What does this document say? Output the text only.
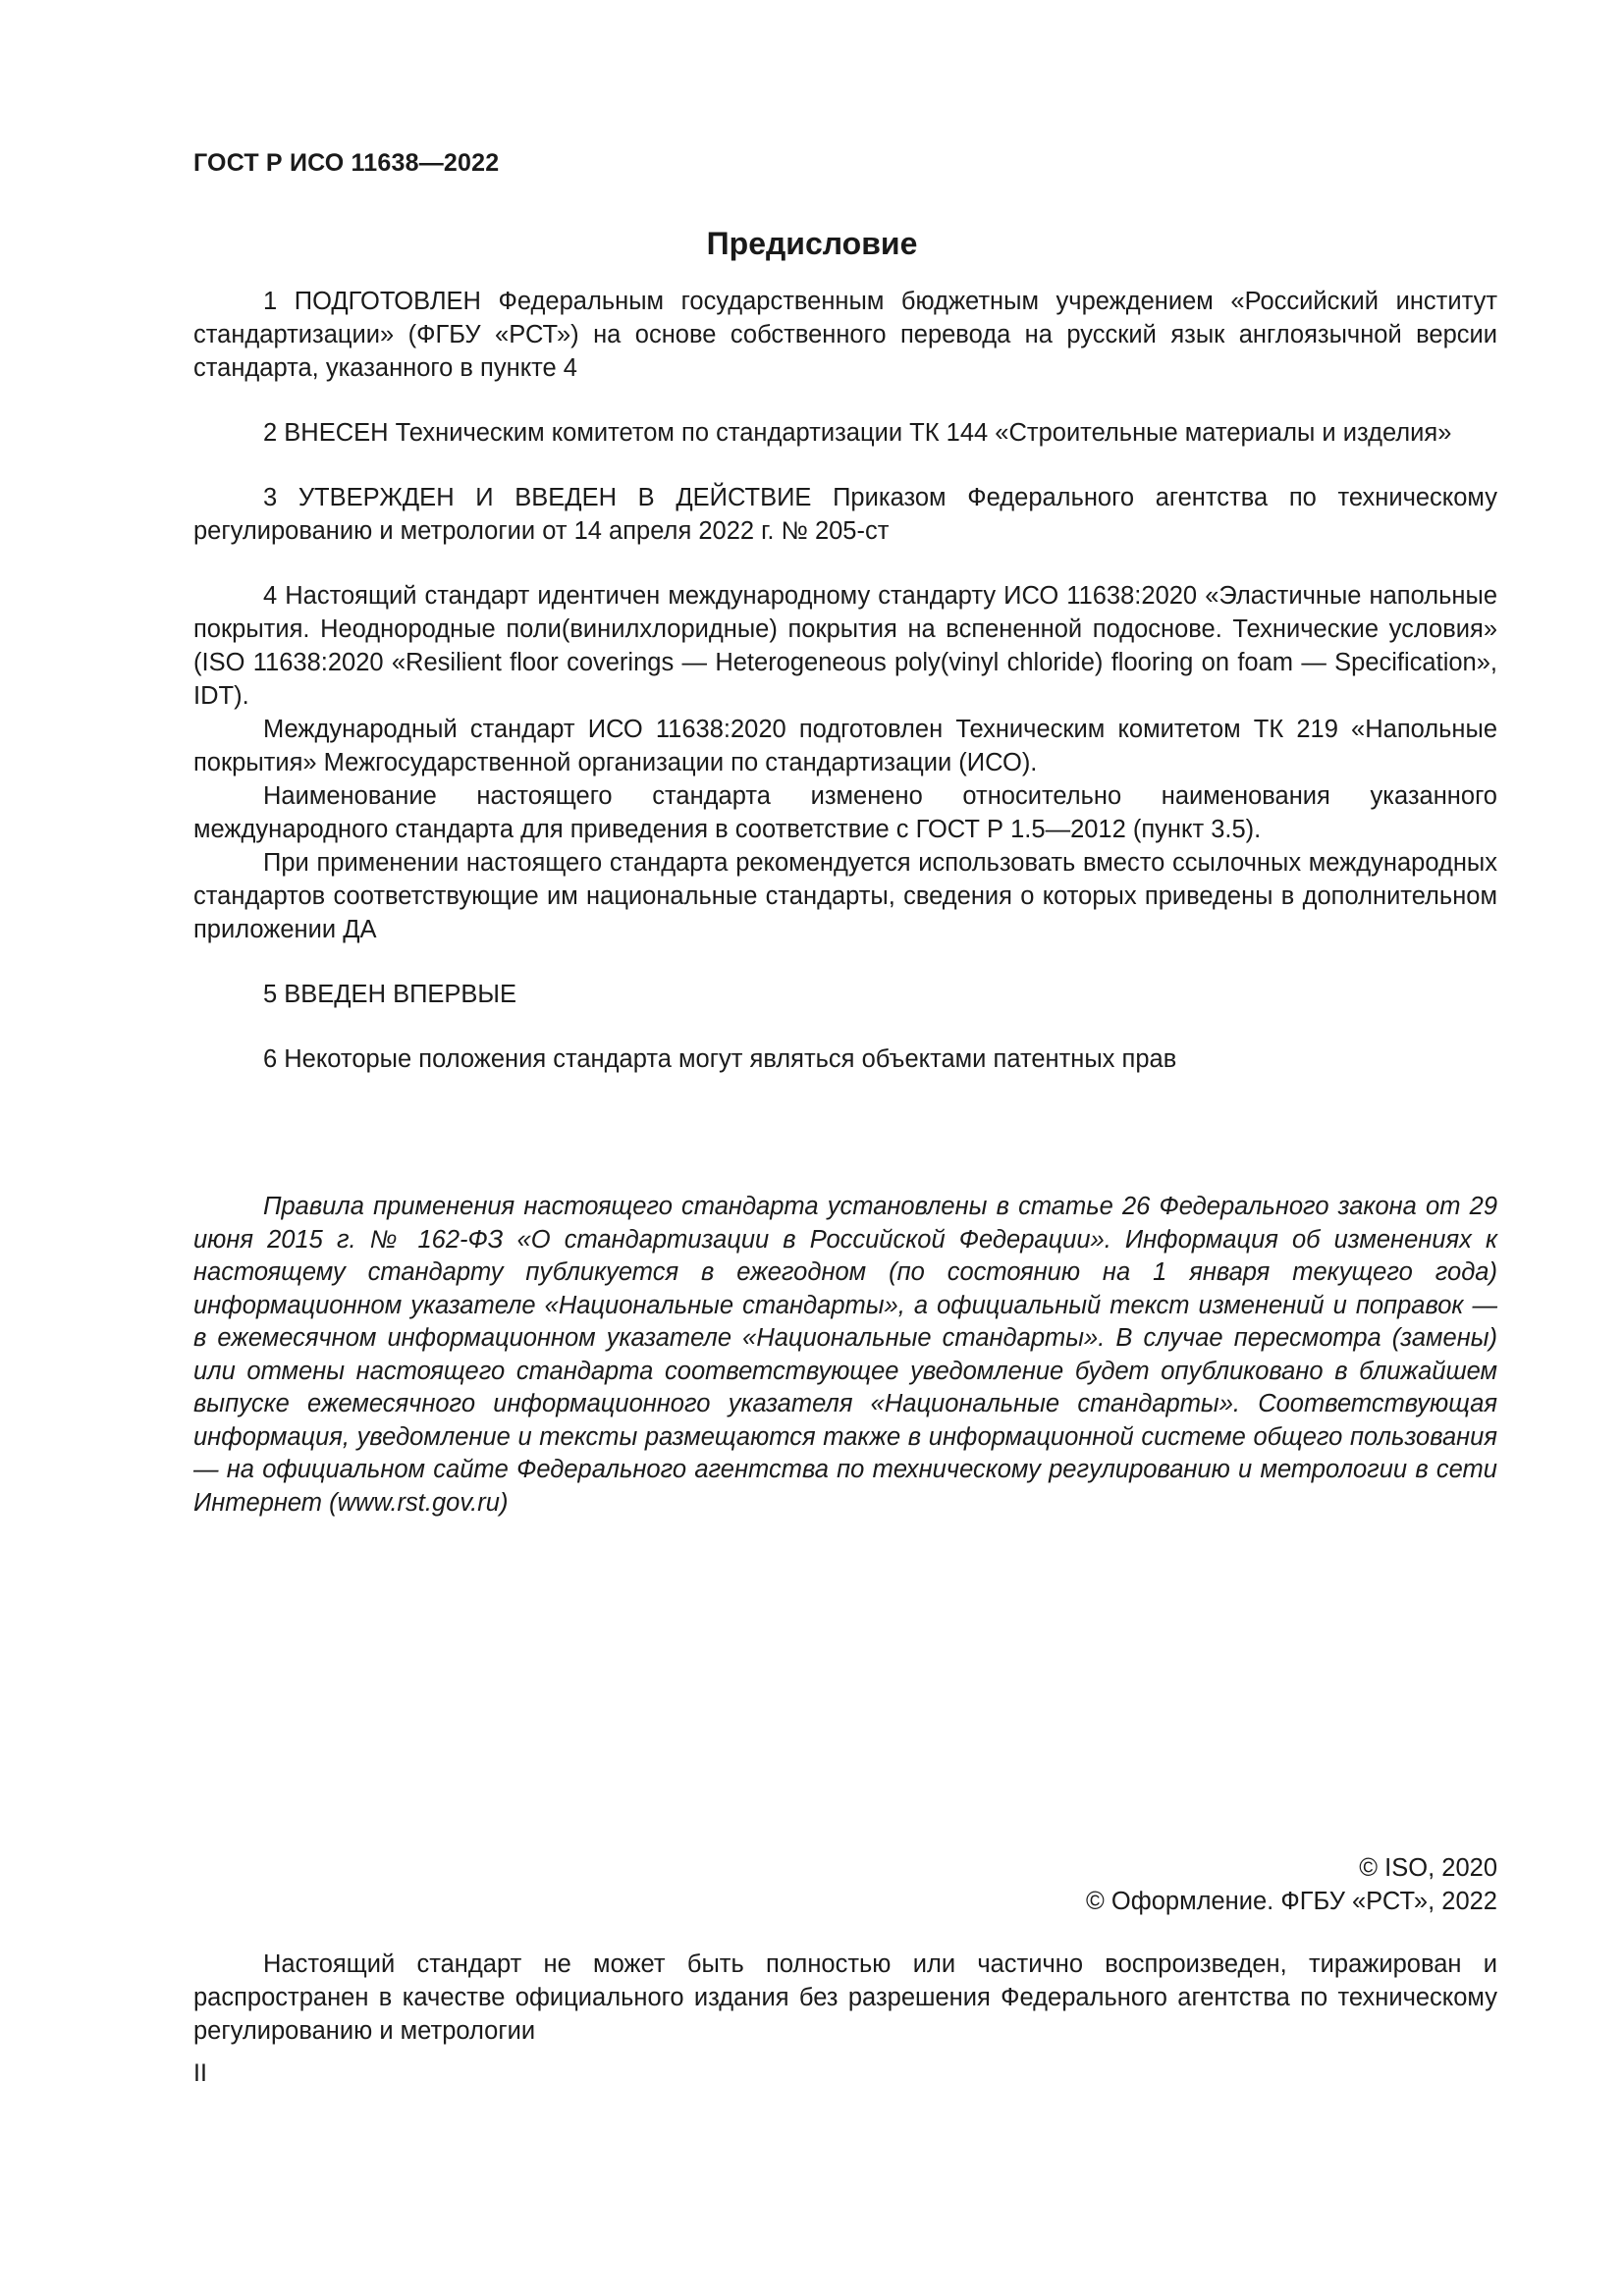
ГОСТ Р ИСО 11638—2022
Предисловие

1 ПОДГОТОВЛЕН Федеральным государственным бюджетным учреждением «Российский институт стандартизации» (ФГБУ «РСТ») на основе собственного перевода на русский язык англоязычной версии стандарта, указанного в пункте 4

2 ВНЕСЕН Техническим комитетом по стандартизации ТК 144 «Строительные материалы и изделия»

3 УТВЕРЖДЕН И ВВЕДЕН В ДЕЙСТВИЕ Приказом Федерального агентства по техническому регулированию и метрологии от 14 апреля 2022 г. № 205-ст

4 Настоящий стандарт идентичен международному стандарту ИСО 11638:2020 «Эластичные напольные покрытия. Неоднородные поли(винилхлоридные) покрытия на вспененной подоснове. Технические условия» (ISO 11638:2020 «Resilient floor coverings — Heterogeneous poly(vinyl chloride) flooring on foam — Specification», IDT).

Международный стандарт ИСО 11638:2020 подготовлен Техническим комитетом ТК 219 «Напольные покрытия» Межгосударственной организации по стандартизации (ИСО).

Наименование настоящего стандарта изменено относительно наименования указанного международного стандарта для приведения в соответствие с ГОСТ Р 1.5—2012 (пункт 3.5).

При применении настоящего стандарта рекомендуется использовать вместо ссылочных международных стандартов соответствующие им национальные стандарты, сведения о которых приведены в дополнительном приложении ДА

5 ВВЕДЕН ВПЕРВЫЕ

6 Некоторые положения стандарта могут являться объектами патентных прав

Правила применения настоящего стандарта установлены в статье 26 Федерального закона от 29 июня 2015 г. № 162-ФЗ «О стандартизации в Российской Федерации». Информация об изменениях к настоящему стандарту публикуется в ежегодном (по состоянию на 1 января текущего года) информационном указателе «Национальные стандарты», а официальный текст изменений и поправок — в ежемесячном информационном указателе «Национальные стандарты». В случае пересмотра (замены) или отмены настоящего стандарта соответствующее уведомление будет опубликовано в ближайшем выпуске ежемесячного информационного указателя «Национальные стандарты». Соответствующая информация, уведомление и тексты размещаются также в информационной системе общего пользования — на официальном сайте Федерального агентства по техническому регулированию и метрологии в сети Интернет (www.rst.gov.ru)

© ISO, 2020
© Оформление. ФГБУ «РСТ», 2022

Настоящий стандарт не может быть полностью или частично воспроизведен, тиражирован и распространен в качестве официального издания без разрешения Федерального агентства по техническому регулированию и метрологии

II
